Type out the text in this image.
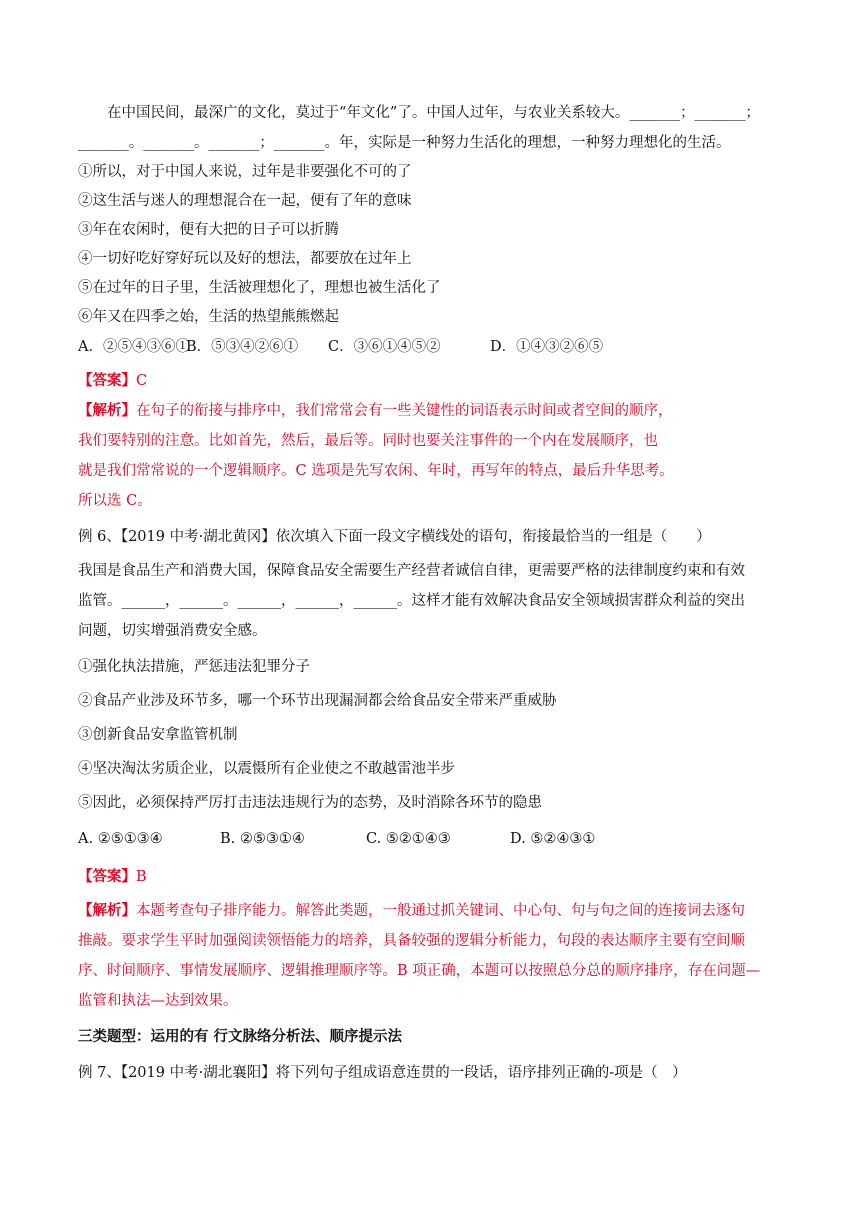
在中国民间，最深广的文化，莫过于“年文化”了。中国人过年，与农业关系较大。_______；_______；
_______。_______。_______；_______。年，实际是一种努力生活化的理想，一种努力理想化的生活。
①所以，对于中国人来说，过年是非要强化不可的了
②这生活与迷人的理想混合在一起，便有了年的意味
③年在农闲时，便有大把的日子可以折腾
④一切好吃好穿好玩以及好的想法，都要放在过年上
⑤在过年的日子里，生活被理想化了，理想也被生活化了
⑥年又在四季之始，生活的热望熊熊燃起
A．②⑤④③⑥①B．⑤③④②⑥① C．③⑥①④⑤②	D．①④③②⑥⑤
【答案】C
【解析】在句子的衔接与排序中，我们常常会有一些关键性的词语表示时间或者空间的顺序，
我们要特别的注意。比如首先，然后，最后等。同时也要关注事件的一个内在发展顺序，也
就是我们常常说的一个逻辑顺序。C 选项是先写农闲、年时，再写年的特点，最后升华思考。
所以选 C。
例 6、【2019 中考·湖北黄冈】依次填入下面一段文字横线处的语句，衔接最恰当的一组是（　　）
我国是食品生产和消费大国，保障食品安全需要生产经营者诚信自律，更需要严格的法律制度约束和有效
监管。______，______。______，______，______。这样才能有效解决食品安全领域损害群众利益的突出
问题，切实增强消费安全感。
①强化执法措施，严惩违法犯罪分子
②食品产业涉及环节多，哪一个环节出现漏洞都会给食品安全带来严重威胁
③创新食品安拿监管机制
④坚决淘汰劣质企业，以震慑所有企业使之不敢越雷池半步
⑤因此，必须保持严厉打击违法违规行为的态势，及时消除各环节的隐患
A. ②⑤①③④	B. ②⑤③①④	C. ⑤②①④③	D. ⑤②④③①
【答案】B
【解析】本题考查句子排序能力。解答此类题，一般通过抓关键词、中心句、句与句之间的连接词去逐句
推敲。要求学生平时加强阅读领悟能力的培养，具备较强的逻辑分析能力，句段的表达顺序主要有空间顺
序、时间顺序、事情发展顺序、逻辑推理顺序等。B 项正确，本题可以按照总分总的顺序排序，存在问题—
监管和执法—达到效果。
三类题型：运用的有 行文脉络分析法、顺序提示法
例 7、【2019 中考·湖北襄阳】将下列句子组成语意连贯的一段话，语序排列正确的-项是（　）
